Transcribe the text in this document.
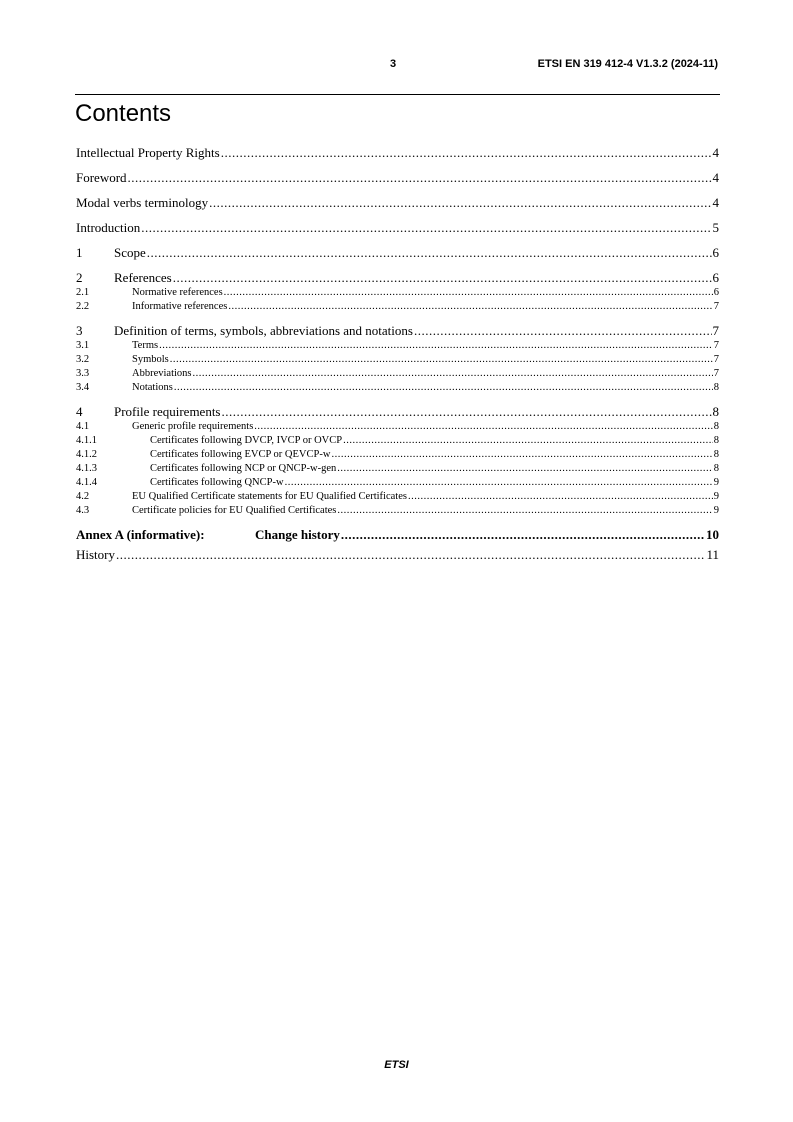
3	ETSI EN 319 412-4 V1.3.2 (2024-11)
Contents
Intellectual Property Rights .....	4
Foreword .....	4
Modal verbs terminology .....	4
Introduction .....	5
1	Scope .....	6
2	References .....	6
2.1	Normative references .....	6
2.2	Informative references .....	7
3	Definition of terms, symbols, abbreviations and notations .....	7
3.1	Terms .....	7
3.2	Symbols .....	7
3.3	Abbreviations .....	7
3.4	Notations .....	8
4	Profile requirements .....	8
4.1	Generic profile requirements .....	8
4.1.1	Certificates following DVCP, IVCP or OVCP .....	8
4.1.2	Certificates following EVCP or QEVCP-w .....	8
4.1.3	Certificates following NCP or QNCP-w-gen .....	8
4.1.4	Certificates following QNCP-w .....	9
4.2	EU Qualified Certificate statements for EU Qualified Certificates .....	9
4.3	Certificate policies for EU Qualified Certificates .....	9
Annex A (informative):	Change history .....	10
History .....	11
ETSI
